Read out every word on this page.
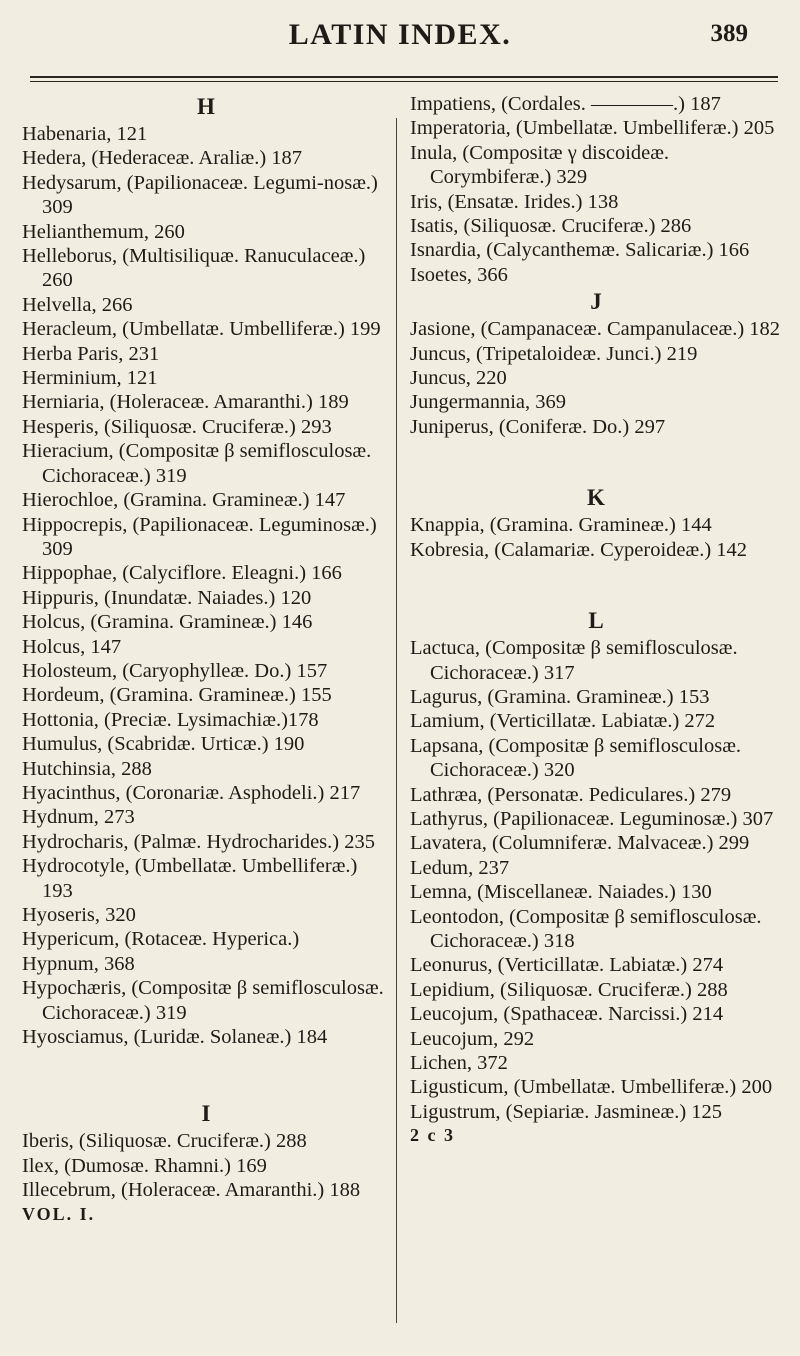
LATIN INDEX.	389

H

Habenaria, 121

Hedera, (Hederaceæ. Araliæ.) 187

Hedysarum, (Papilionaceæ. Legumi-nosæ.) 309

Helianthemum, 260

Helleborus, (Multisiliquæ. Ranuculaceæ.) 260

Helvella, 266

Heracleum, (Umbellatæ. Umbelliferæ.) 199

Herba Paris, 231

Herminium, 121

Herniaria, (Holeraceæ. Amaranthi.) 189

Hesperis, (Siliquosæ. Cruciferæ.) 293

Hieracium, (Compositæ β semiflosculosæ. Cichoraceæ.) 319

Hierochloe, (Gramina. Gramineæ.) 147

Hippocrepis, (Papilionaceæ. Leguminosæ.) 309

Hippophae, (Calyciflore. Eleagni.) 166

Hippuris, (Inundatæ. Naiades.) 120

Holcus, (Gramina. Gramineæ.) 146

Holcus, 147

Holosteum, (Caryophylleæ. Do.) 157

Hordeum, (Gramina. Gramineæ.) 155

Hottonia, (Preciæ. Lysimachiæ.)178

Humulus, (Scabridæ. Urticæ.) 190

Hutchinsia, 288

Hyacinthus, (Coronariæ. Asphodeli.) 217

Hydnum, 273

Hydrocharis, (Palmæ. Hydrocharides.) 235

Hydrocotyle, (Umbellatæ. Umbelliferæ.) 193

Hyoseris, 320

Hypericum, (Rotaceæ. Hyperica.)

Hypnum, 368

Hypochæris, (Compositæ β semiflosculosæ. Cichoraceæ.) 319

Hyosciamus, (Luridæ. Solaneæ.) 184

I

Iberis, (Siliquosæ. Cruciferæ.) 288

Ilex, (Dumosæ. Rhamni.) 169

Illecebrum, (Holeraceæ. Amaranthi.) 188

VOL. I.

Impatiens, (Cordales. ————.) 187

Imperatoria, (Umbellatæ. Umbelliferæ.) 205

Inula, (Compositæ γ discoideæ. Corymbiferæ.) 329

Iris, (Ensatæ. Irides.) 138

Isatis, (Siliquosæ. Cruciferæ.) 286

Isnardia, (Calycanthemæ. Salicariæ.) 166

Isoetes, 366

J

Jasione, (Campanaceæ. Campanulaceæ.) 182

Juncus, (Tripetaloideæ. Junci.) 219

Juncus, 220

Jungermannia, 369

Juniperus, (Coniferæ. Do.) 297

K

Knappia, (Gramina. Gramineæ.) 144

Kobresia, (Calamariæ. Cyperoideæ.) 142

L

Lactuca, (Compositæ β semiflosculosæ. Cichoraceæ.) 317

Lagurus, (Gramina. Gramineæ.) 153

Lamium, (Verticillatæ. Labiatæ.) 272

Lapsana, (Compositæ β semiflosculosæ. Cichoraceæ.) 320

Lathræa, (Personatæ. Pediculares.) 279

Lathyrus, (Papilionaceæ. Leguminosæ.) 307

Lavatera, (Columniferæ. Malvaceæ.) 299

Ledum, 237

Lemna, (Miscellaneæ. Naiades.) 130

Leontodon, (Compositæ β semiflosculosæ. Cichoraceæ.) 318

Leonurus, (Verticillatæ. Labiatæ.) 274

Lepidium, (Siliquosæ. Cruciferæ.) 288

Leucojum, (Spathaceæ. Narcissi.) 214

Leucojum, 292

Lichen, 372

Ligusticum, (Umbellatæ. Umbelliferæ.) 200

Ligustrum, (Sepiariæ. Jasmineæ.) 125

2 c 3
